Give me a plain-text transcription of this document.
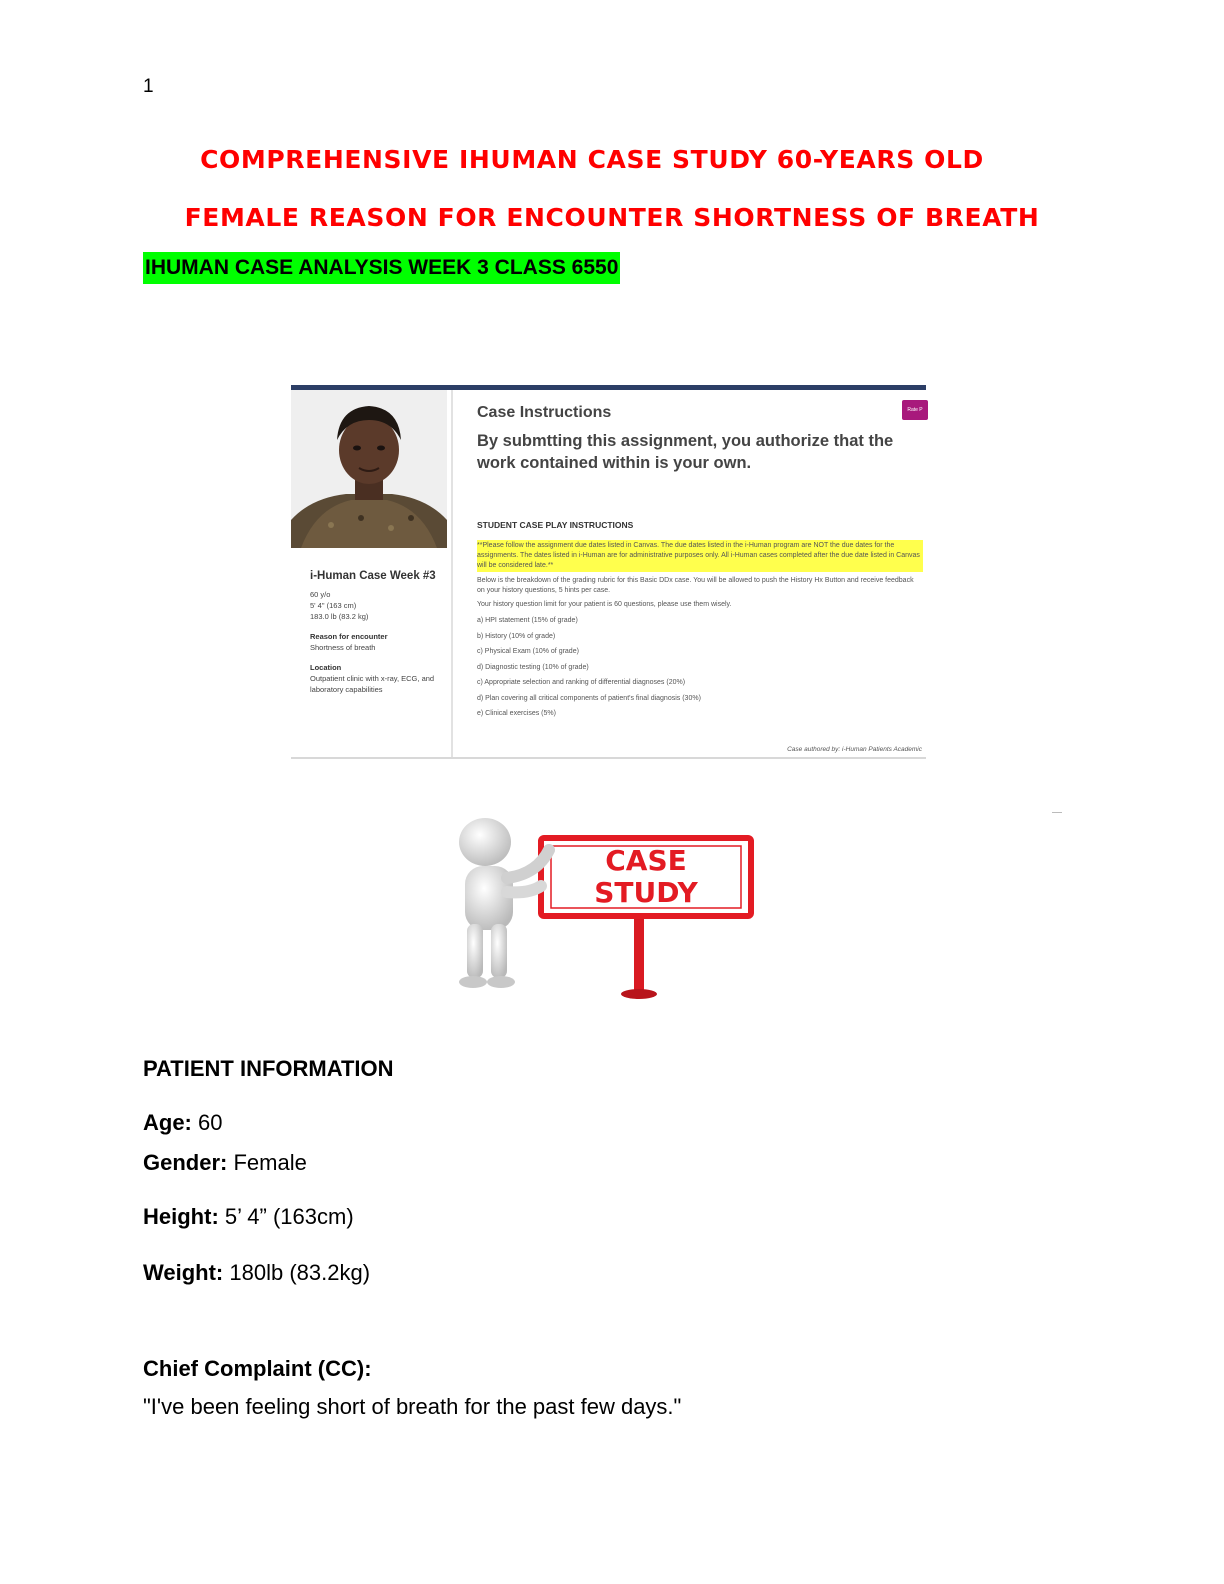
1
COMPREHENSIVE IHUMAN CASE STUDY 60-YEARS OLD
FEMALE REASON FOR ENCOUNTER SHORTNESS OF BREATH
IHUMAN CASE ANALYSIS WEEK 3 CLASS 6550
i-Human Case Week #3
60 y/o
5' 4" (163 cm)
183.0 lb (83.2 kg)
Reason for encounter
Shortness of breath
Location
Outpatient clinic with x-ray, ECG, and laboratory capabilities
Case Instructions
By submtting this assignment, you authorize that the work contained within is your own.
STUDENT CASE PLAY INSTRUCTIONS
**Please follow the assignment due dates listed in Canvas. The due dates listed in the i-Human program are NOT the due dates for the assignments. The dates listed in i-Human are for administrative purposes only. All i-Human cases completed after the due date listed in Canvas will be considered late.**
Below is the breakdown of the grading rubric for this Basic DDx case. You will be allowed to push the History Hx Button and receive feedback on your history questions, 5 hints per case.
Your history question limit for your patient is 60 questions, please use them wisely.
a) HPI statement (15% of grade)
b) History (10% of grade)
c) Physical Exam (10% of grade)
d) Diagnostic testing (10% of grade)
c) Appropriate selection and ranking of differential diagnoses (20%)
d) Plan covering all critical components of patient's final diagnosis (30%)
e) Clinical exercises (5%)
Rate P
Case authored by: i-Human Patients Academic
CASE
STUDY
PATIENT INFORMATION
Age: 60
Gender: Female
Height: 5’ 4” (163cm)
Weight: 180lb (83.2kg)
Chief Complaint (CC):
"I've been feeling short of breath for the past few days."
